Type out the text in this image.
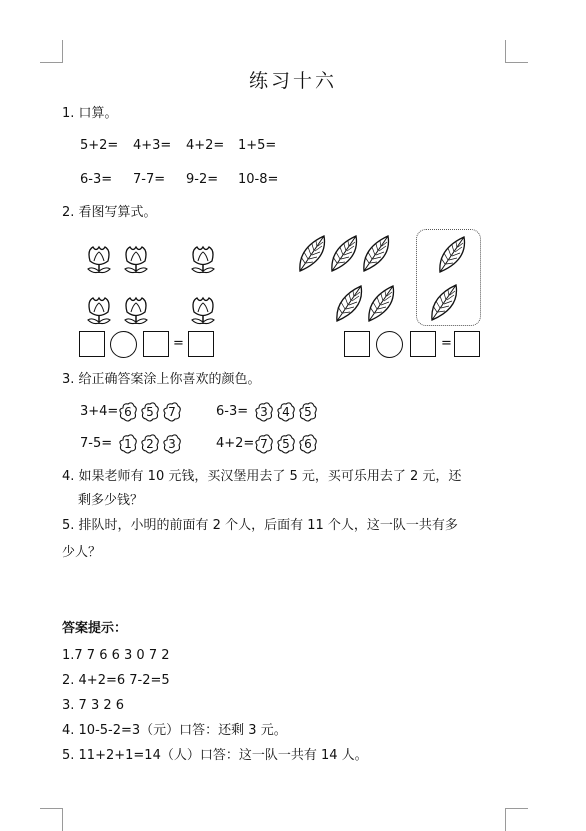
练习十六
1. 口算。
5+2= 4+3= 4+2= 1+5=
6-3= 7-7= 9-2= 10-8=
2. 看图写算式。
=	=
3. 给正确答案涂上你喜欢的颜色。
3+4= 6	5	7	6-3=	3	4	5
7-5=	1	2	3	4+2= 7	5	6
4. 如果老师有 10 元钱，买汉堡用去了 5 元，买可乐用去了 2 元，还
剩多少钱？
5. 排队时，小明的前面有 2 个人，后面有 11 个人，这一队一共有多
少人？
答案提示：
1.7 7 6 6 3 0 7 2
2. 4+2=6 7-2=5
3. 7 3 2 6
4. 10-5-2=3（元）口答：还剩 3 元。
5. 11+2+1=14（人）口答：这一队一共有 14 人。
